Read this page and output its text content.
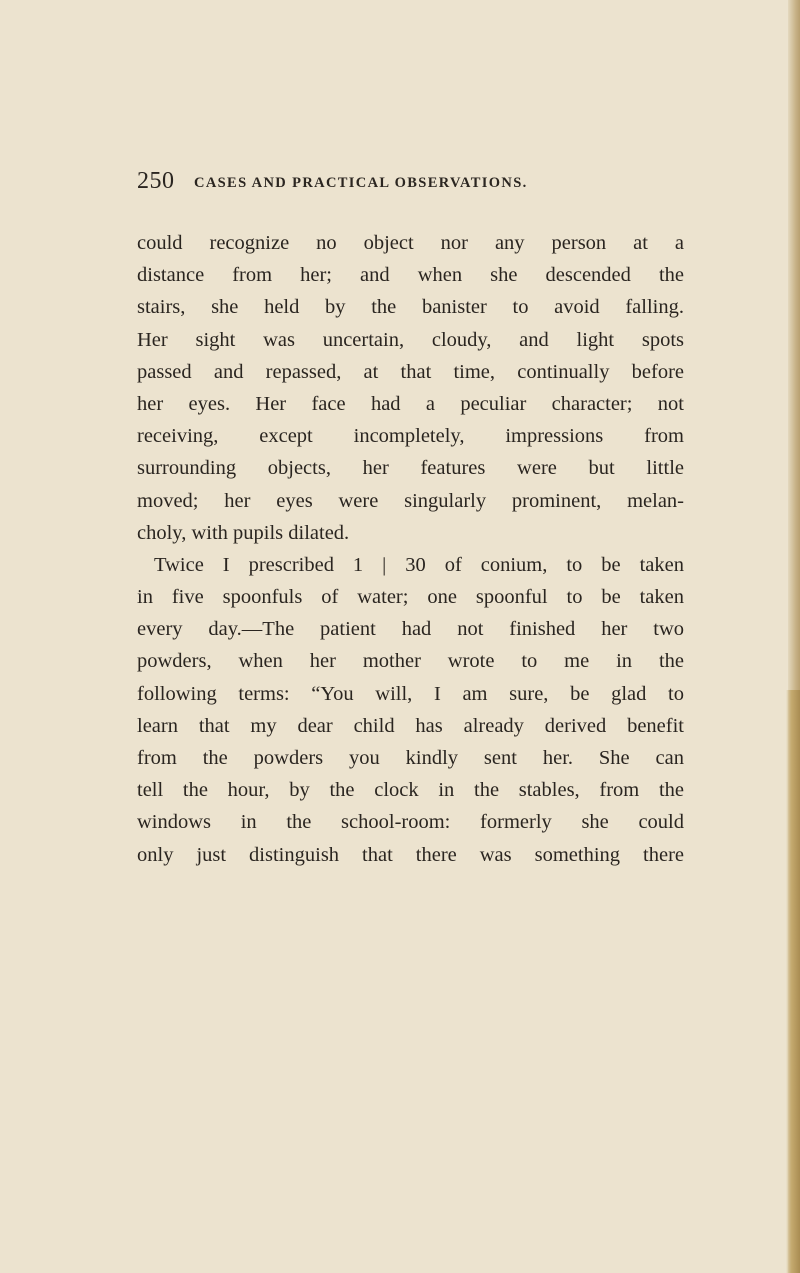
250 CASES AND PRACTICAL OBSERVATIONS.
could recognize no object nor any person at a
distance from her; and when she descended the
stairs, she held by the banister to avoid falling.
Her sight was uncertain, cloudy, and light spots
passed and repassed, at that time, continually before
her eyes. Her face had a peculiar character; not
receiving, except incompletely, impressions from
surrounding objects, her features were but little
moved; her eyes were singularly prominent, melan-
choly, with pupils dilated.
Twice I prescribed 1 | 30 of conium, to be taken
in five spoonfuls of water; one spoonful to be taken
every day.—The patient had not finished her two
powders, when her mother wrote to me in the
following terms: “You will, I am sure, be glad to
learn that my dear child has already derived benefit
from the powders you kindly sent her. She can
tell the hour, by the clock in the stables, from the
windows in the school-room: formerly she could
only just distinguish that there was something there
